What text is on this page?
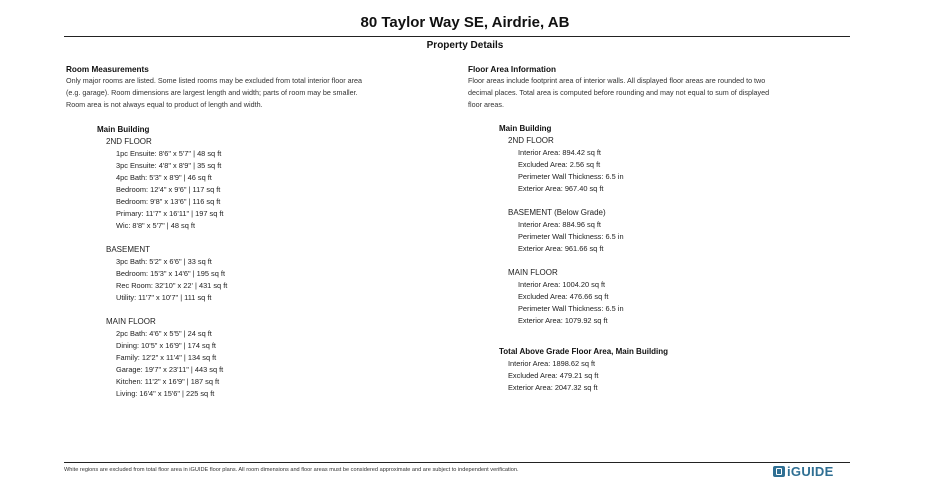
80 Taylor Way SE, Airdrie, AB
Property Details
Room Measurements

Only major rooms are listed. Some listed rooms may be excluded from total interior floor area

(e.g. garage). Room dimensions are largest length and width; parts of room may be smaller.

Room area is not always equal to product of length and width.

Main Building
2ND FLOOR
1pc Ensuite: 8'6" x 5'7" | 48 sq ft
3pc Ensuite: 4'8" x 8'9" | 35 sq ft
4pc Bath: 5'3" x 8'9" | 46 sq ft
Bedroom: 12'4" x 9'6" | 117 sq ft
Bedroom: 9'8" x 13'6" | 116 sq ft
Primary: 11'7" x 16'11" | 197 sq ft
Wic: 8'8" x 5'7" | 48 sq ft
BASEMENT
3pc Bath: 5'2" x 6'6" | 33 sq ft
Bedroom: 15'3" x 14'6" | 195 sq ft
Rec Room: 32'10" x 22' | 431 sq ft
Utility: 11'7" x 10'7" | 111 sq ft
MAIN FLOOR
2pc Bath: 4'6" x 5'5" | 24 sq ft
Dining: 10'5" x 16'9" | 174 sq ft
Family: 12'2" x 11'4" | 134 sq ft
Garage: 19'7" x 23'11" | 443 sq ft
Kitchen: 11'2" x 16'9" | 187 sq ft
Living: 16'4" x 15'6" | 225 sq ft
Floor Area Information

Floor areas include footprint area of interior walls. All displayed floor areas are rounded to two

decimal places. Total area is computed before rounding and may not equal to sum of displayed

floor areas.

Main Building
2ND FLOOR
Interior Area: 894.42 sq ft
Excluded Area: 2.56 sq ft
Perimeter Wall Thickness: 6.5 in
Exterior Area: 967.40 sq ft
BASEMENT (Below Grade)
Interior Area: 884.96 sq ft
Perimeter Wall Thickness: 6.5 in
Exterior Area: 961.66 sq ft
MAIN FLOOR
Interior Area: 1004.20 sq ft
Excluded Area: 476.66 sq ft
Perimeter Wall Thickness: 6.5 in
Exterior Area: 1079.92 sq ft
Total Above Grade Floor Area, Main Building
Interior Area: 1898.62 sq ft
Excluded Area: 479.21 sq ft
Exterior Area: 2047.32 sq ft
White regions are excluded from total floor area in iGUIDE floor plans. All room dimensions and floor areas must be considered approximate and are subject to independent verification.	iGUIDE
